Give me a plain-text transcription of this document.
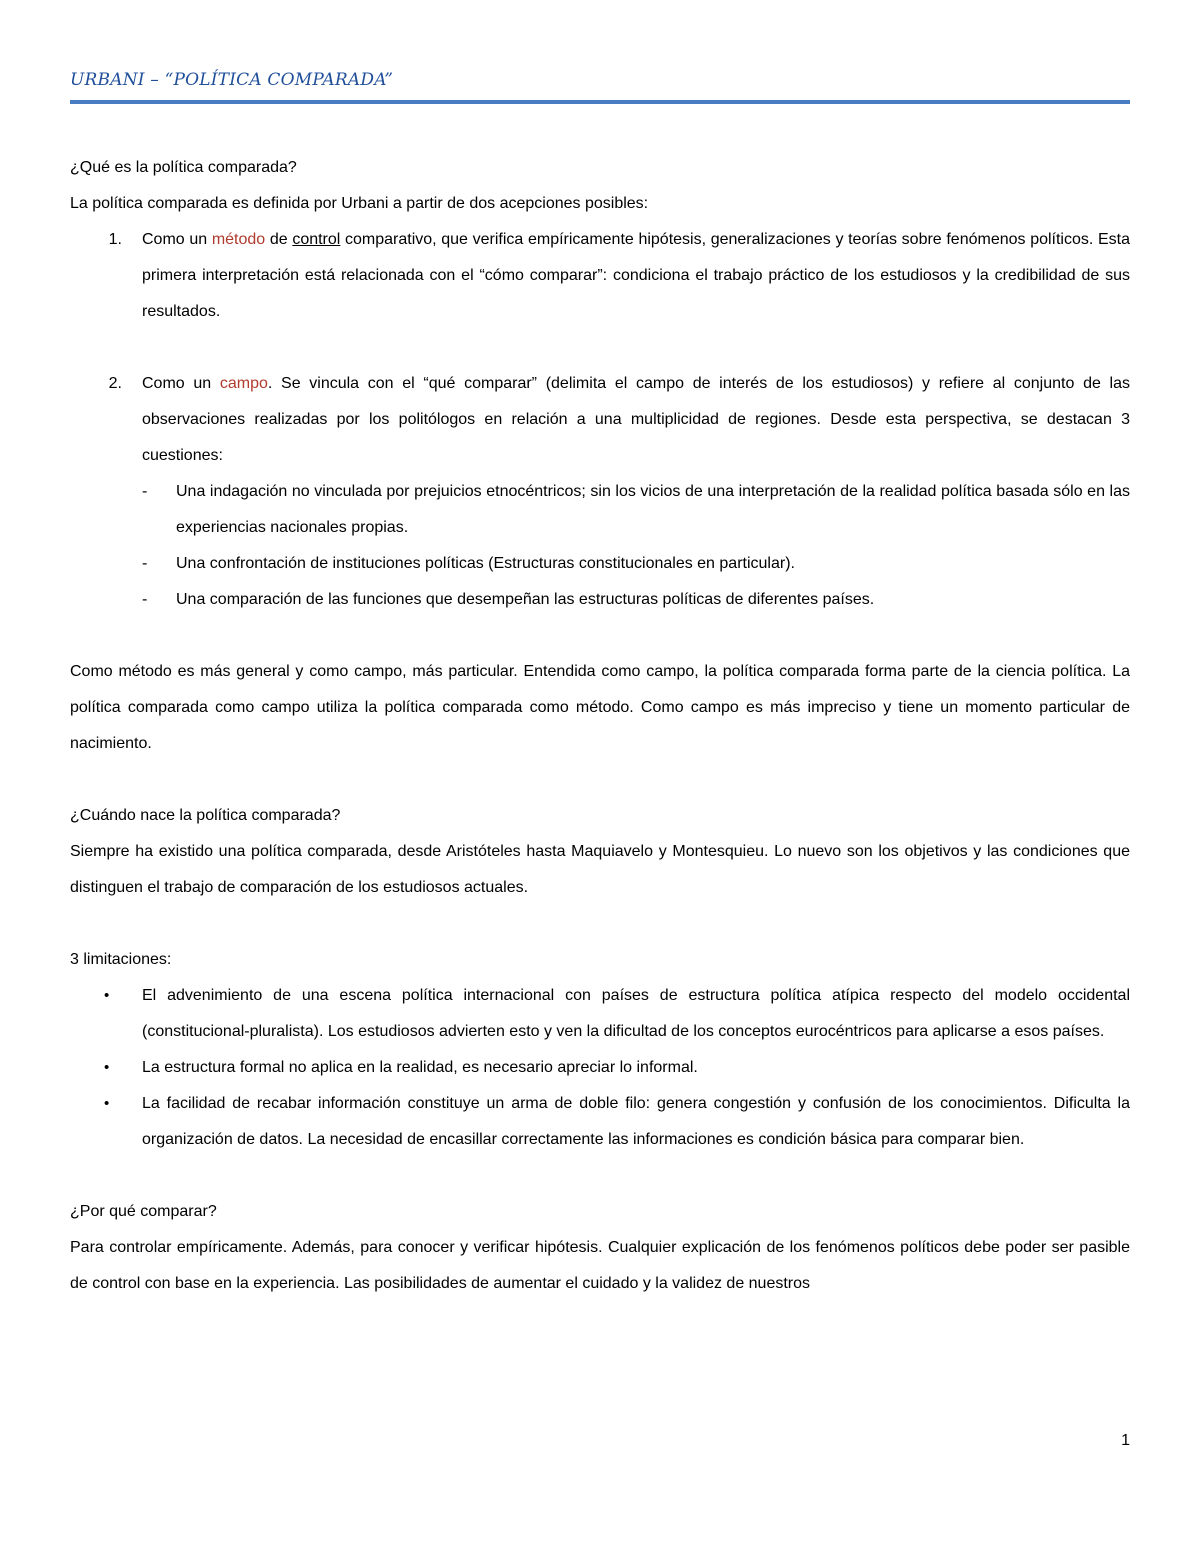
URBANI – “POLÍTICA COMPARADA”

¿Qué es la política comparada?

La política comparada es definida por Urbani a partir de dos acepciones posibles:

1.	Como un método de control comparativo, que verifica empíricamente hipótesis, generalizaciones y teorías sobre fenómenos políticos. Esta primera interpretación está relacionada con el “cómo comparar”: condiciona el trabajo práctico de los estudiosos y la credibilidad de sus resultados.
2.	Como un campo. Se vincula con el “qué comparar” (delimita el campo de interés de los estudiosos) y refiere al conjunto de las observaciones realizadas por los politólogos en relación a una multiplicidad de regiones. Desde esta perspectiva, se destacan 3 cuestiones:
-	Una indagación no vinculada por prejuicios etnocéntricos; sin los vicios de una interpretación de la realidad política basada sólo en las experiencias nacionales propias.
-	Una confrontación de instituciones políticas (Estructuras constitucionales en particular).
-	Una comparación de las funciones que desempeñan las estructuras políticas de diferentes países.

Como método es más general y como campo, más particular. Entendida como campo, la política comparada forma parte de la ciencia política. La política comparada como campo utiliza la política comparada como método. Como campo es más impreciso y tiene un momento particular de nacimiento.

¿Cuándo nace la política comparada?

Siempre ha existido una política comparada, desde Aristóteles hasta Maquiavelo y Montesquieu. Lo nuevo son los objetivos y las condiciones que distinguen el trabajo de comparación de los estudiosos actuales.

3 limitaciones:

•	El advenimiento de una escena política internacional con países de estructura política atípica respecto del modelo occidental (constitucional-pluralista). Los estudiosos advierten esto y ven la dificultad de los conceptos eurocéntricos para aplicarse a esos países.
•	La estructura formal no aplica en la realidad, es necesario apreciar lo informal.
•	La facilidad de recabar información constituye un arma de doble filo: genera congestión y confusión de los conocimientos. Dificulta la organización de datos. La necesidad de encasillar correctamente las informaciones es condición básica para comparar bien.

¿Por qué comparar?

Para controlar empíricamente. Además, para conocer y verificar hipótesis. Cualquier explicación de los fenómenos políticos debe poder ser pasible de control con base en la experiencia. Las posibilidades de aumentar el cuidado y la validez de nuestros

1
